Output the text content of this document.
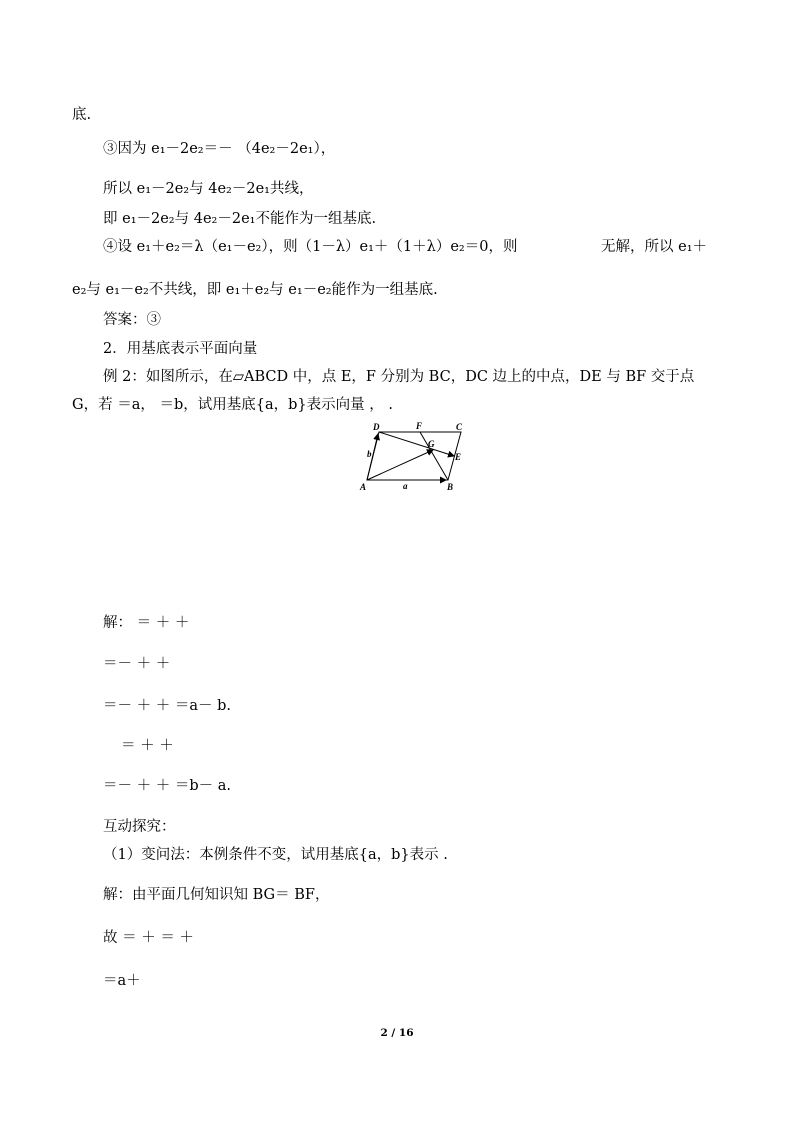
底.
③因为 e₁－2e₂＝－ （4e₂－2e₁），
所以 e₁－2e₂与 4e₂－2e₁共线，
即 e₁－2e₂与 4e₂－2e₁不能作为一组基底.
④设 e₁＋e₂＝λ（e₁－e₂），则（1－λ）e₁＋（1＋λ）e₂＝0，则	无解，所以 e₁＋
e₂与 e₁－e₂不共线，即 e₁＋e₂与 e₁－e₂能作为一组基底.
答案：③
2．用基底表示平面向量
例 2：如图所示，在▱ABCD 中，点 E，F 分别为 BC，DC 边上的中点，DE 与 BF 交于点
G，若 ＝a， ＝b，试用基底{a，b}表示向量 ， .
D	F	C
G
E
b
A	a	B
解： ＝ ＋ ＋
＝－ ＋ ＋
＝－ ＋ ＋ ＝a－ b.
＝ ＋ ＋
＝－ ＋ ＋ ＝b－ a.
互动探究：
（1）变问法：本例条件不变，试用基底{a，b}表示 .
解：由平面几何知识知 BG＝ BF，
故 ＝ ＋ ＝ ＋
＝a＋
2 / 16
